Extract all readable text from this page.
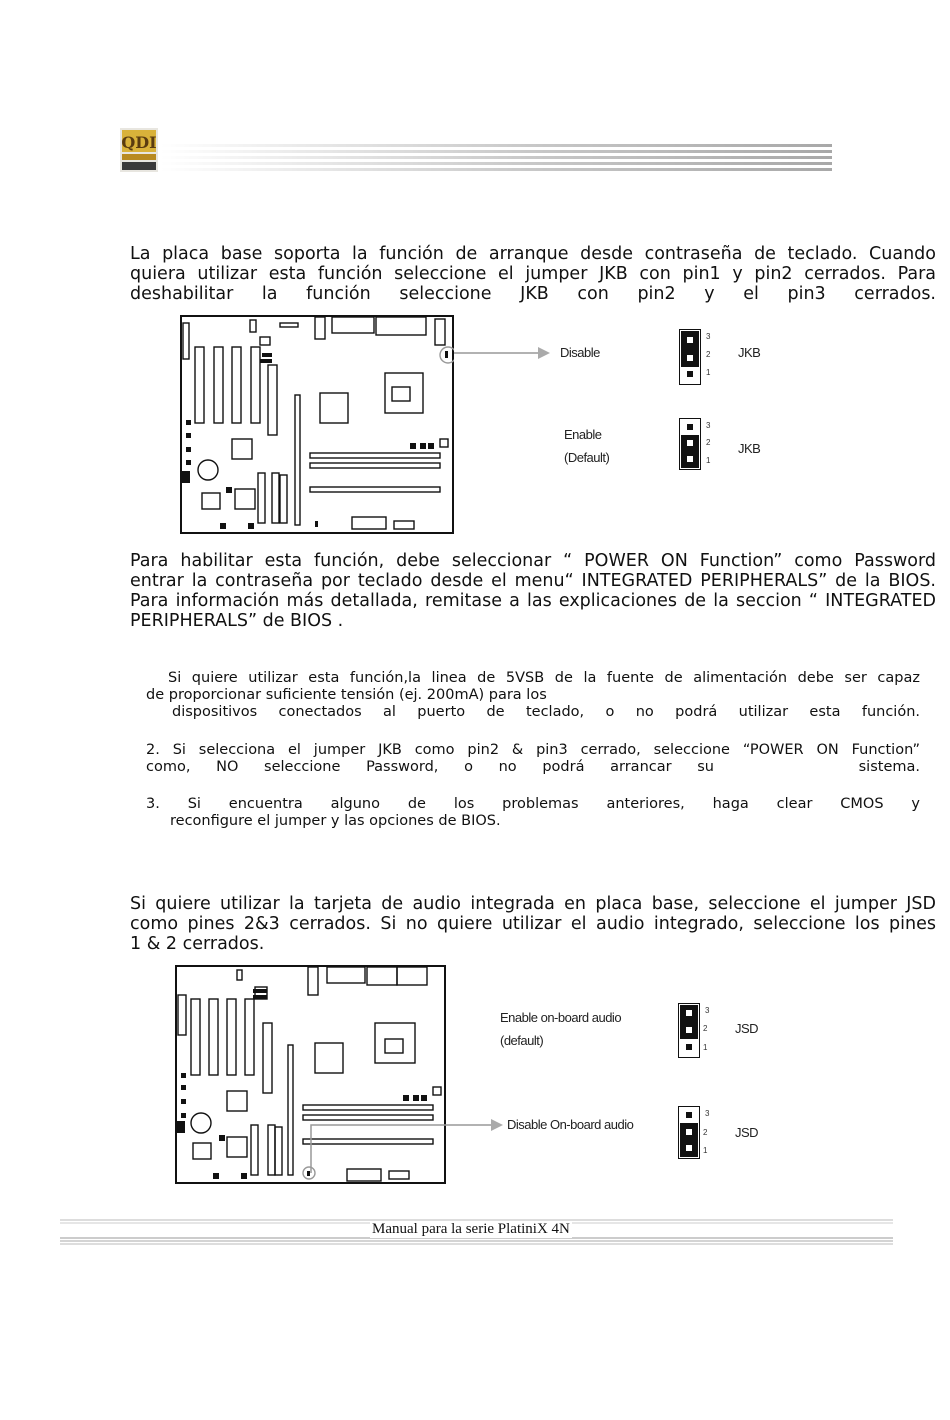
QDI

La placa base soporta la función de arranque desde contraseña de teclado. Cuando

quiera utilizar esta función seleccione el jumper JKB con pin1 y pin2 cerrados. Para

deshabilitar la función seleccione JKB con pin2 y el pin3 cerrados.

Disable
Enable
(Default)
3
2
1
JKB
3
2
1
JKB

Para habilitar esta función, debe seleccionar “ POWER ON Function” como Password

entrar la contraseña por teclado desde el menu“ INTEGRATED PERIPHERALS” de la BIOS.

Para información más detallada, remitase a las explicaciones de la seccion “ INTEGRATED

PERIPHERALS” de BIOS .

Si quiere utilizar esta función,la linea de 5VSB de la fuente de alimentación debe ser capaz

de proporcionar suficiente tensión (ej. 200mA) para los

dispositivos conectados al puerto de teclado, o no podrá utilizar esta función.

2. Si selecciona el jumper JKB como pin2 & pin3 cerrado, seleccione “POWER ON Function”

como, NO seleccione Password, o no podrá arrancar su	sistema.

3. Si encuentra alguno de los problemas anteriores, haga clear CMOS y

reconfigure el jumper y las opciones de BIOS.

Si quiere utilizar la tarjeta de audio integrada en placa base, seleccione el jumper JSD

como pines 2&3 cerrados. Si no quiere utilizar el audio integrado, seleccione los pines

1 & 2 cerrados.

Enable on-board audio
(default)
Disable On-board audio
3
2
1
JSD
3
2
1
JSD
Manual para la serie PlatiniX 4N
